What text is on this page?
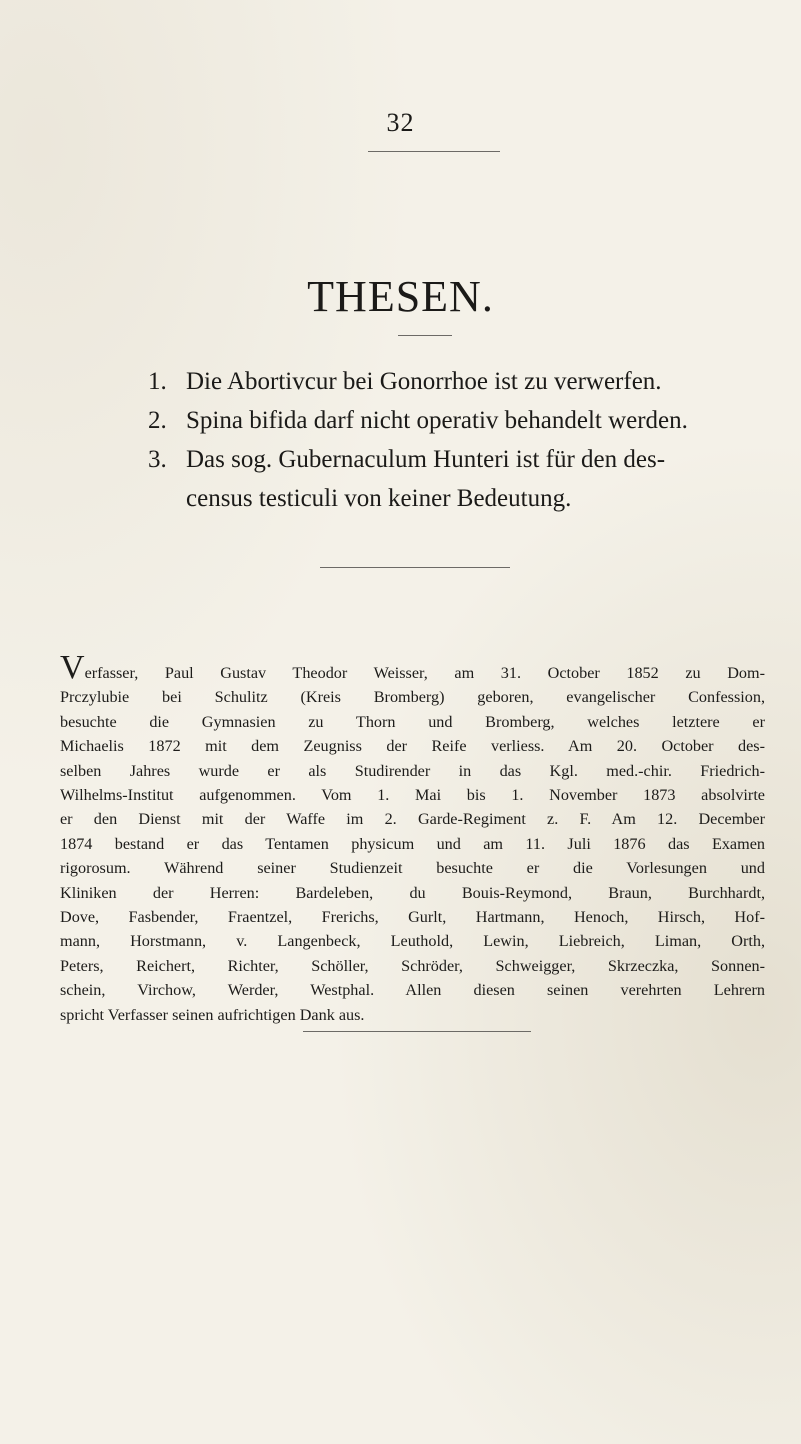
32
THESEN.
1. Die Abortivcur bei Gonorrhoe ist zu verwerfen.
2. Spina bifida darf nicht operativ behandelt werden.
3. Das sog. Gubernaculum Hunteri ist für den des-
census testiculi von keiner Bedeutung.
Verfasser, Paul Gustav Theodor Weisser, am 31. October 1852 zu Dom-
Prczylubie bei Schulitz (Kreis Bromberg) geboren, evangelischer Confession,
besuchte die Gymnasien zu Thorn und Bromberg, welches letztere er
Michaelis 1872 mit dem Zeugniss der Reife verliess. Am 20. October des-
selben Jahres wurde er als Studirender in das Kgl. med.-chir. Friedrich-
Wilhelms-Institut aufgenommen. Vom 1. Mai bis 1. November 1873 absolvirte
er den Dienst mit der Waffe im 2. Garde-Regiment z. F. Am 12. December
1874 bestand er das Tentamen physicum und am 11. Juli 1876 das Examen
rigorosum. Während seiner Studienzeit besuchte er die Vorlesungen und
Kliniken der Herren: Bardeleben, du Bouis-Reymond, Braun, Burchhardt,
Dove, Fasbender, Fraentzel, Frerichs, Gurlt, Hartmann, Henoch, Hirsch, Hof-
mann, Horstmann, v. Langenbeck, Leuthold, Lewin, Liebreich, Liman, Orth,
Peters, Reichert, Richter, Schöller, Schröder, Schweigger, Skrzeczka, Sonnen-
schein, Virchow, Werder, Westphal. Allen diesen seinen verehrten Lehrern
spricht Verfasser seinen aufrichtigen Dank aus.
